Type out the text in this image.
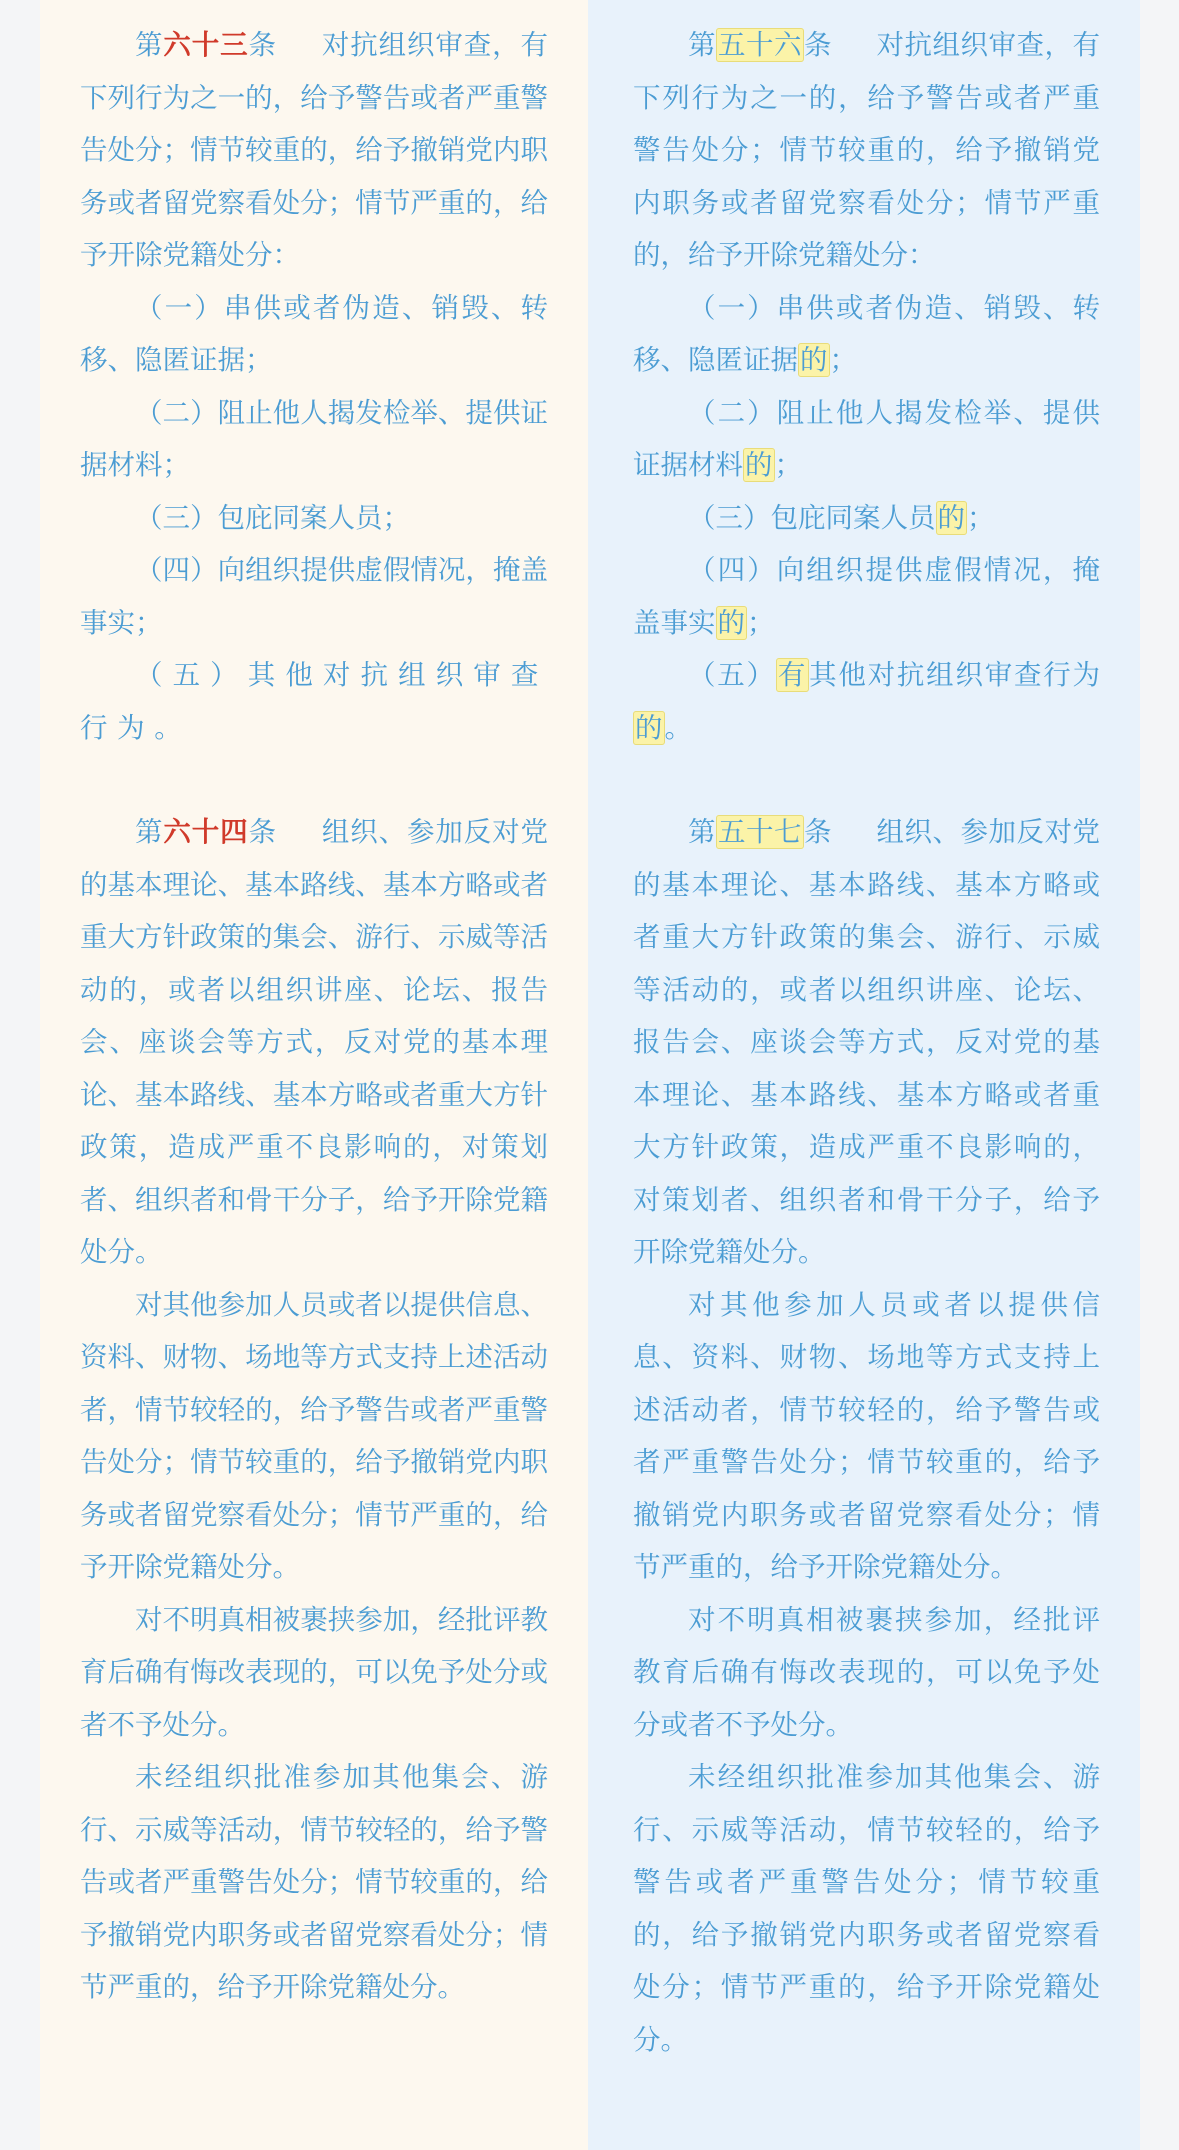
第六十三条 对抗组织审查，有下列行为之一的，给予警告或者严重警告处分；情节较重的，给予撤销党内职务或者留党察看处分；情节严重的，给予开除党籍处分：

（一）串供或者伪造、销毁、转移、隐匿证据；

（二）阻止他人揭发检举、提供证据材料；

（三）包庇同案人员；

（四）向组织提供虚假情况，掩盖事实；

（五）其他对抗组织审查行为。

第六十四条 组织、参加反对党的基本理论、基本路线、基本方略或者重大方针政策的集会、游行、示威等活动的，或者以组织讲座、论坛、报告会、座谈会等方式，反对党的基本理论、基本路线、基本方略或者重大方针政策，造成严重不良影响的，对策划者、组织者和骨干分子，给予开除党籍处分。

对其他参加人员或者以提供信息、资料、财物、场地等方式支持上述活动者，情节较轻的，给予警告或者严重警告处分；情节较重的，给予撤销党内职务或者留党察看处分；情节严重的，给予开除党籍处分。

对不明真相被裹挟参加，经批评教育后确有悔改表现的，可以免予处分或者不予处分。

未经组织批准参加其他集会、游行、示威等活动，情节较轻的，给予警告或者严重警告处分；情节较重的，给予撤销党内职务或者留党察看处分；情节严重的，给予开除党籍处分。

第五十六条 对抗组织审查，有下列行为之一的，给予警告或者严重警告处分；情节较重的，给予撤销党内职务或者留党察看处分；情节严重的，给予开除党籍处分：

（一）串供或者伪造、销毁、转移、隐匿证据的；

（二）阻止他人揭发检举、提供证据材料的；

（三）包庇同案人员的；

（四）向组织提供虚假情况，掩盖事实的；

（五）有其他对抗组织审查行为的。

第五十七条 组织、参加反对党的基本理论、基本路线、基本方略或者重大方针政策的集会、游行、示威等活动的，或者以组织讲座、论坛、报告会、座谈会等方式，反对党的基本理论、基本路线、基本方略或者重大方针政策，造成严重不良影响的，对策划者、组织者和骨干分子，给予开除党籍处分。

对其他参加人员或者以提供信息、资料、财物、场地等方式支持上述活动者，情节较轻的，给予警告或者严重警告处分；情节较重的，给予撤销党内职务或者留党察看处分；情节严重的，给予开除党籍处分。

对不明真相被裹挟参加，经批评教育后确有悔改表现的，可以免予处分或者不予处分。

未经组织批准参加其他集会、游行、示威等活动，情节较轻的，给予警告或者严重警告处分；情节较重的，给予撤销党内职务或者留党察看处分；情节严重的，给予开除党籍处分。
